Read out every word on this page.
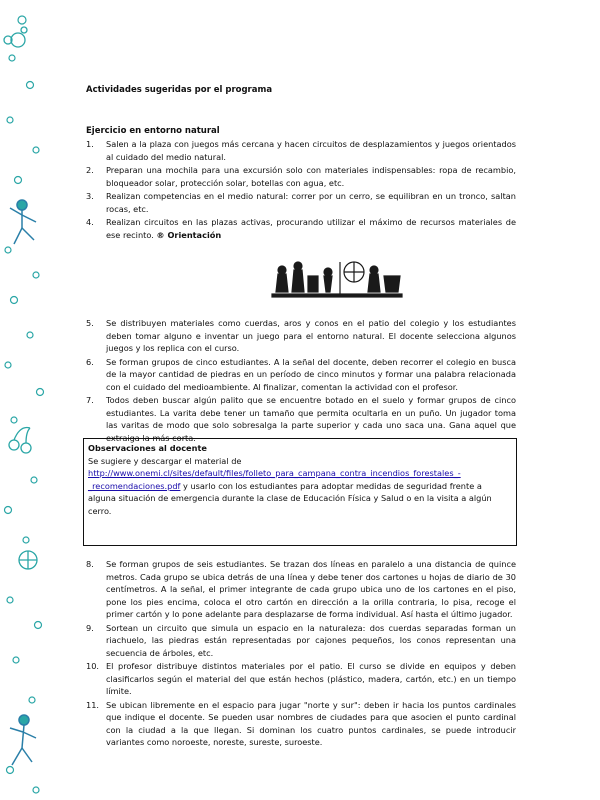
Actividades sugeridas por el programa
Ejercicio en entorno natural
1. Salen a la plaza con juegos más cercana y hacen circuitos de desplazamientos y juegos orientados al cuidado del medio natural.
2. Preparan una mochila para una excursión solo con materiales indispensables: ropa de recambio, bloqueador solar, protección solar, botellas con agua, etc.
3. Realizan competencias en el medio natural: correr por un cerro, se equilibran en un tronco, saltan rocas, etc.
4. Realizan circuitos en las plazas activas, procurando utilizar el máximo de recursos materiales de ese recinto. ® Orientación
5. Se distribuyen materiales como cuerdas, aros y conos en el patio del colegio y los estudiantes deben tomar alguno e inventar un juego para el entorno natural. El docente selecciona algunos juegos y los replica con el curso.
6. Se forman grupos de cinco estudiantes. A la señal del docente, deben recorrer el colegio en busca de la mayor cantidad de piedras en un período de cinco minutos y formar una palabra relacionada con el cuidado del medioambiente. Al finalizar, comentan la actividad con el profesor.
7. Todos deben buscar algún palito que se encuentre botado en el suelo y formar grupos de cinco estudiantes. La varita debe tener un tamaño que permita ocultarla en un puño. Un jugador toma las varitas de modo que solo sobresalga la parte superior y cada uno saca una. Gana aquel que extraiga la más corta.
Observaciones al docente
Se sugiere y descargar el material de
http://www.onemi.cl/sites/default/files/folleto_para_campana_contra_incendios_forestales_-_recomendaciones.pdf y usarlo con los estudiantes para adoptar medidas de seguridad frente a alguna situación de emergencia durante la clase de Educación Física y Salud o en la visita a algún cerro.
8. Se forman grupos de seis estudiantes. Se trazan dos líneas en paralelo a una distancia de quince metros. Cada grupo se ubica detrás de una línea y debe tener dos cartones u hojas de diario de 30 centímetros. A la señal, el primer integrante de cada grupo ubica uno de los cartones en el piso, pone los pies encima, coloca el otro cartón en dirección a la orilla contraria, lo pisa, recoge el primer cartón y lo pone adelante para desplazarse de forma individual. Así hasta el último jugador.
9. Sortean un circuito que simula un espacio en la naturaleza: dos cuerdas separadas forman un riachuelo, las piedras están representadas por cajones pequeños, los conos representan una secuencia de árboles, etc.
10. El profesor distribuye distintos materiales por el patio. El curso se divide en equipos y deben clasificarlos según el material del que están hechos (plástico, madera, cartón, etc.) en un tiempo límite.
11. Se ubican libremente en el espacio para jugar "norte y sur": deben ir hacia los puntos cardinales que indique el docente. Se pueden usar nombres de ciudades para que asocien el punto cardinal con la ciudad a la que llegan. Si dominan los cuatro puntos cardinales, se puede introducir variantes como noroeste, noreste, sureste, suroeste.
